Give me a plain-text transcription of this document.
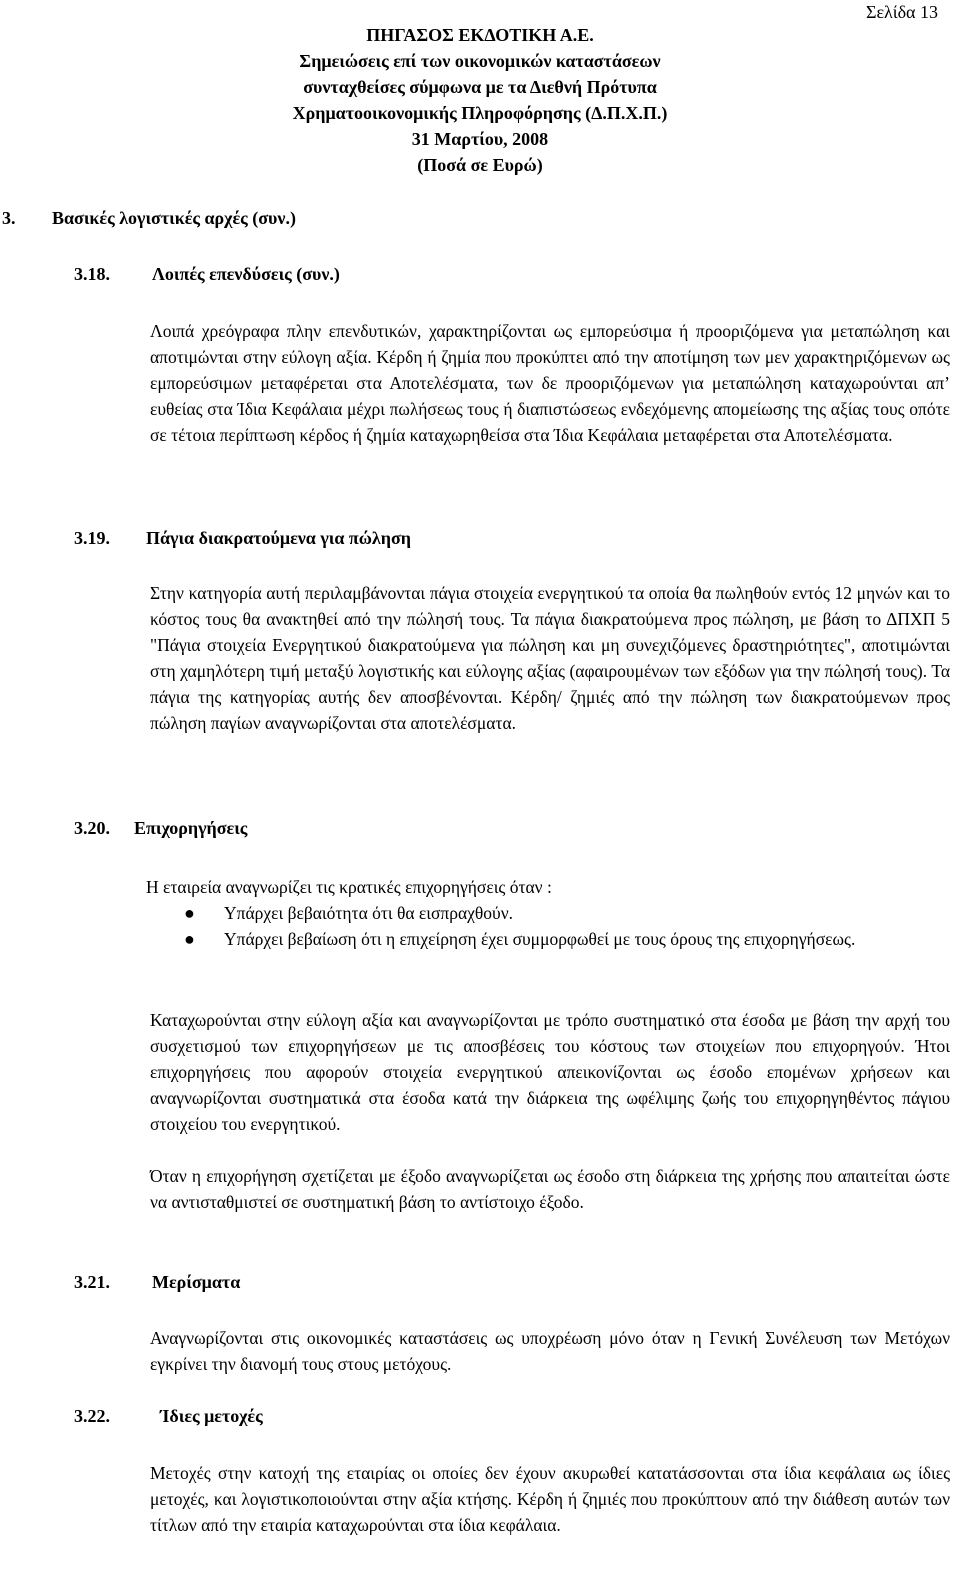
Σελίδα 13
ΠΗΓΑΣΟΣ ΕΚΔΟΤΙΚΗ Α.Ε.
Σημειώσεις επί των οικονομικών καταστάσεων
συνταχθείσες σύμφωνα με τα Διεθνή Πρότυπα
Χρηματοοικονομικής Πληροφόρησης (Δ.Π.Χ.Π.)
31 Μαρτίου, 2008
(Ποσά σε Ευρώ)
3. Βασικές λογιστικές αρχές (συν.)
3.18. Λοιπές επενδύσεις (συν.)
Λοιπά χρεόγραφα πλην επενδυτικών, χαρακτηρίζονται ως εμπορεύσιμα ή προοριζόμενα για μεταπώληση και αποτιμώνται στην εύλογη αξία. Κέρδη ή ζημία που προκύπτει από την αποτίμηση των μεν χαρακτηριζόμενων ως εμπορεύσιμων μεταφέρεται στα Αποτελέσματα, των δε προοριζόμενων για μεταπώληση καταχωρούνται απ’ ευθείας στα Ίδια Κεφάλαια μέχρι πωλήσεως τους ή διαπιστώσεως ενδεχόμενης απομείωσης της αξίας τους οπότε σε τέτοια περίπτωση κέρδος ή ζημία καταχωρηθείσα στα Ίδια Κεφάλαια μεταφέρεται στα Αποτελέσματα.
3.19. Πάγια διακρατούμενα για πώληση
Στην κατηγορία αυτή περιλαμβάνονται πάγια στοιχεία ενεργητικού τα οποία θα πωληθούν εντός 12 μηνών και το κόστος τους θα ανακτηθεί από την πώλησή τους. Τα πάγια διακρατούμενα προς πώληση, με βάση το ΔΠΧΠ 5 "Πάγια στοιχεία Ενεργητικού διακρατούμενα για πώληση και μη συνεχιζόμενες δραστηριότητες", αποτιμώνται στη χαμηλότερη τιμή μεταξύ λογιστικής και εύλογης αξίας (αφαιρουμένων των εξόδων για την πώλησή τους). Τα πάγια της κατηγορίας αυτής δεν αποσβένονται. Κέρδη/ ζημιές από την πώληση των διακρατούμενων προς πώληση παγίων αναγνωρίζονται στα αποτελέσματα.
3.20. Επιχορηγήσεις
Η εταιρεία αναγνωρίζει τις κρατικές επιχορηγήσεις όταν :
● Υπάρχει βεβαιότητα ότι θα εισπραχθούν.
● Υπάρχει βεβαίωση ότι η επιχείρηση έχει συμμορφωθεί με τους όρους της επιχορηγήσεως.
Καταχωρούνται στην εύλογη αξία και αναγνωρίζονται με τρόπο συστηματικό στα έσοδα με βάση την αρχή του συσχετισμού των επιχορηγήσεων με τις αποσβέσεις του κόστους των στοιχείων που επιχορηγούν. Ήτοι επιχορηγήσεις που αφορούν στοιχεία ενεργητικού απεικονίζονται ως έσοδο επομένων χρήσεων και αναγνωρίζονται συστηματικά στα έσοδα κατά την διάρκεια της ωφέλιμης ζωής του επιχορηγηθέντος πάγιου στοιχείου του ενεργητικού.
Όταν η επιχορήγηση σχετίζεται με έξοδο αναγνωρίζεται ως έσοδο στη διάρκεια της χρήσης που απαιτείται ώστε να αντισταθμιστεί σε συστηματική βάση το αντίστοιχο έξοδο.
3.21. Μερίσματα
Αναγνωρίζονται στις οικονομικές καταστάσεις ως υποχρέωση μόνο όταν η Γενική Συνέλευση των Μετόχων εγκρίνει την διανομή τους στους μετόχους.
3.22.	Ίδιες μετοχές
Μετοχές στην κατοχή της εταιρίας οι οποίες δεν έχουν ακυρωθεί κατατάσσονται στα ίδια κεφάλαια ως ίδιες μετοχές, και λογιστικοποιούνται στην αξία κτήσης. Κέρδη ή ζημιές που προκύπτουν από την διάθεση αυτών των τίτλων από την εταιρία καταχωρούνται στα ίδια κεφάλαια.
